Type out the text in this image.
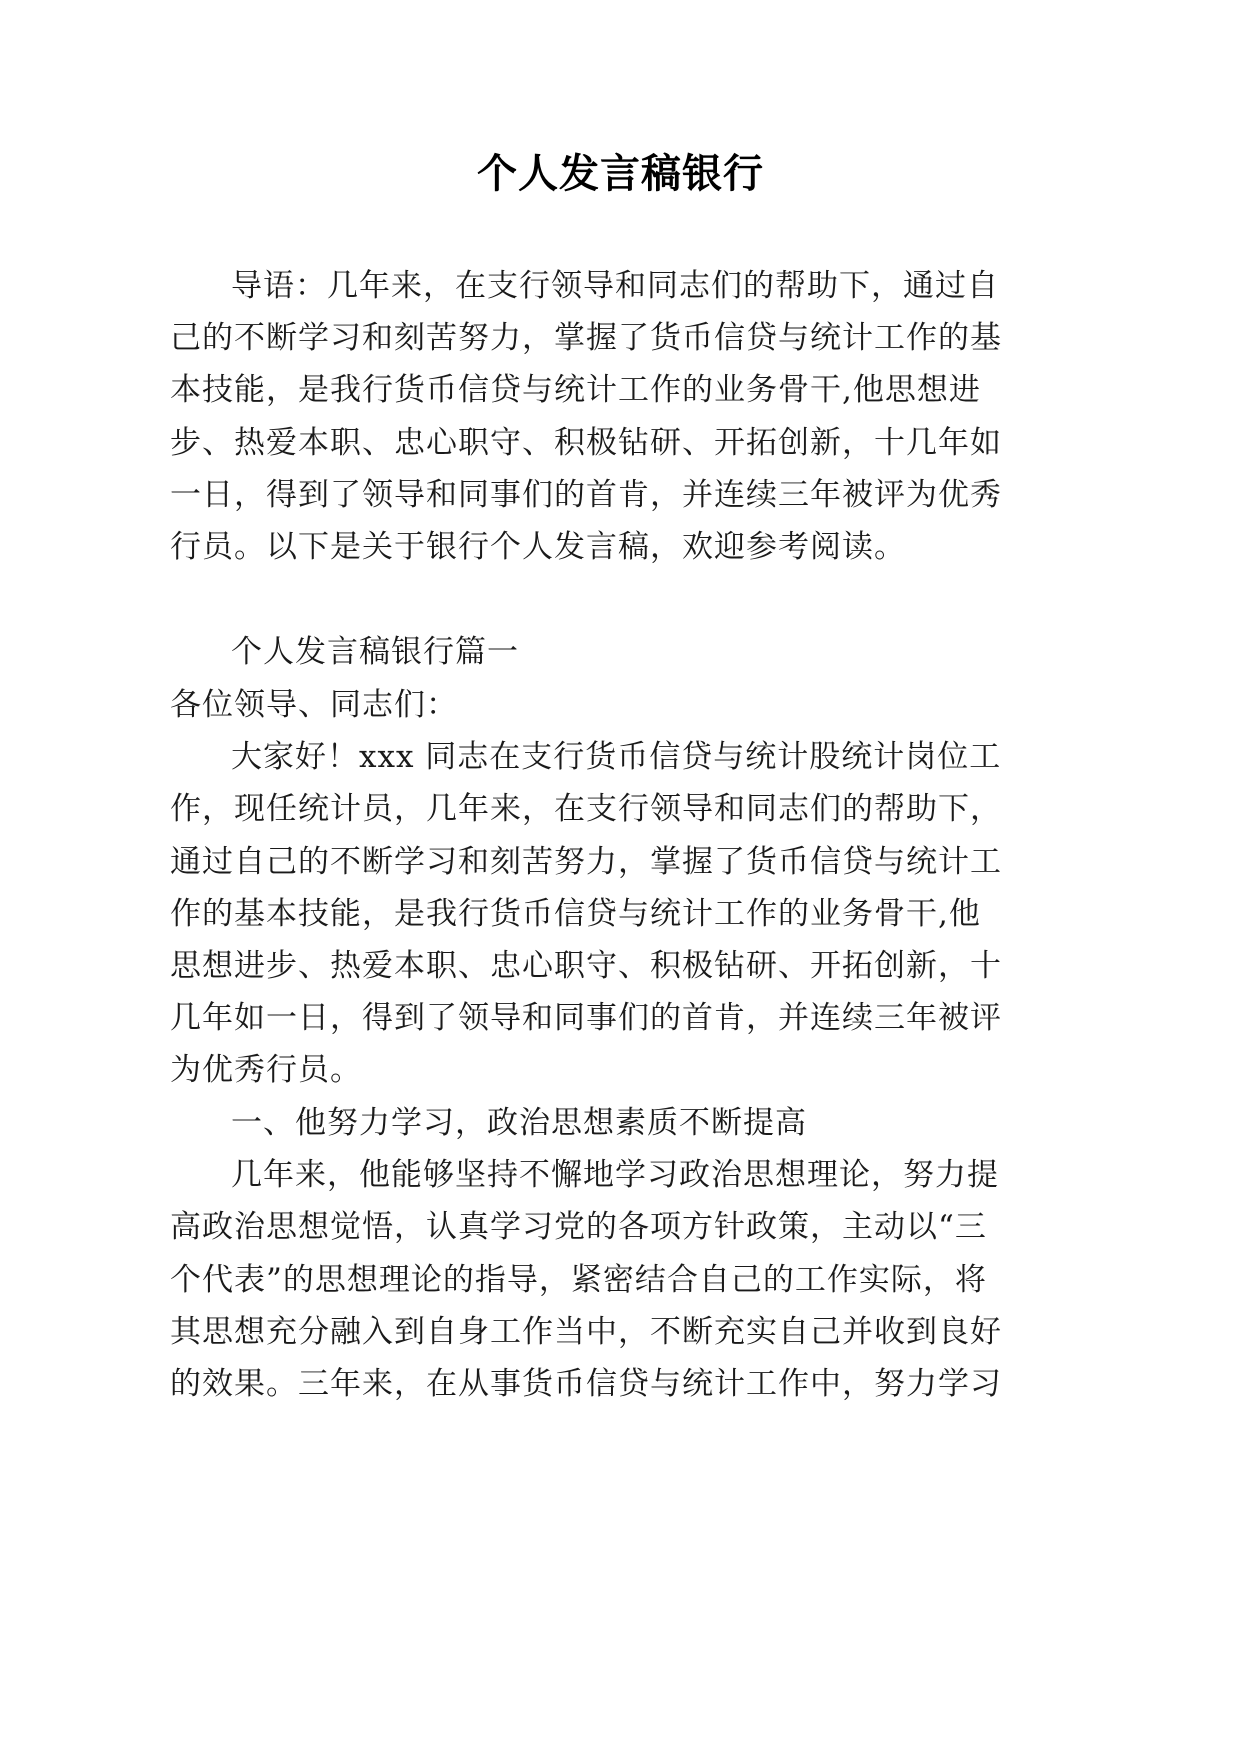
个人发言稿银行

导语：几年来，在支行领导和同志们的帮助下，通过自

己的不断学习和刻苦努力，掌握了货币信贷与统计工作的基

本技能，是我行货币信贷与统计工作的业务骨干,他思想进

步、热爱本职、忠心职守、积极钻研、开拓创新，十几年如

一日，得到了领导和同事们的首肯，并连续三年被评为优秀

行员。以下是关于银行个人发言稿，欢迎参考阅读。

个人发言稿银行篇一

各位领导、同志们：

大家好！xxx 同志在支行货币信贷与统计股统计岗位工

作，现任统计员，几年来，在支行领导和同志们的帮助下，

通过自己的不断学习和刻苦努力，掌握了货币信贷与统计工

作的基本技能，是我行货币信贷与统计工作的业务骨干,他

思想进步、热爱本职、忠心职守、积极钻研、开拓创新，十

几年如一日，得到了领导和同事们的首肯，并连续三年被评

为优秀行员。

一、他努力学习，政治思想素质不断提高

几年来，他能够坚持不懈地学习政治思想理论，努力提

高政治思想觉悟，认真学习党的各项方针政策，主动以“三

个代表”的思想理论的指导，紧密结合自己的工作实际，将

其思想充分融入到自身工作当中，不断充实自己并收到良好

的效果。三年来，在从事货币信贷与统计工作中，努力学习
